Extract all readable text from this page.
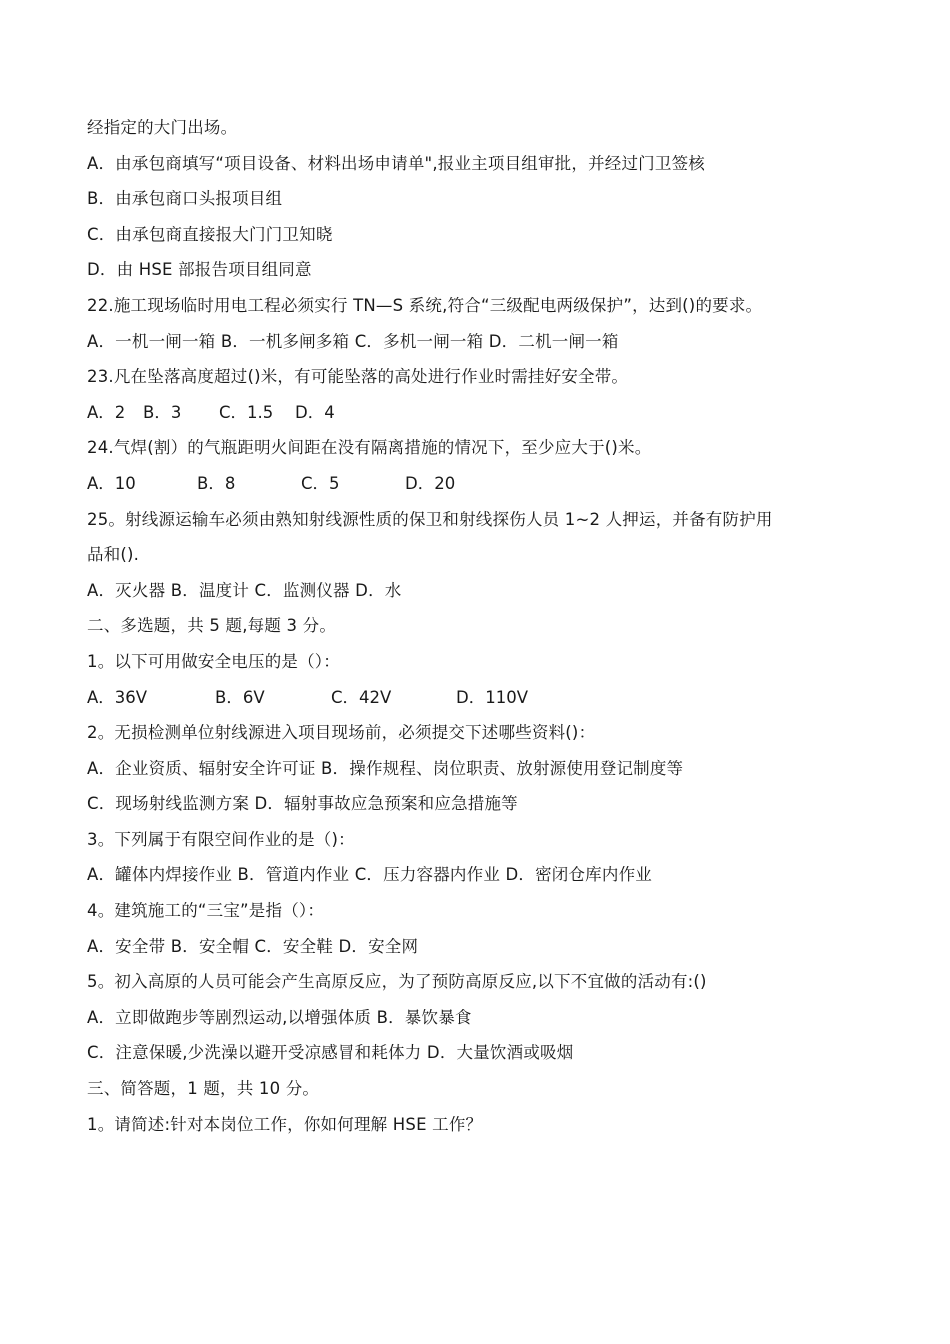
经指定的大门出场。
A．由承包商填写“项目设备、材料出场申请单",报业主项目组审批，并经过门卫签核
B．由承包商口头报项目组
C．由承包商直接报大门门卫知晓
D．由 HSE 部报告项目组同意
22.施工现场临时用电工程必须实行 TN—S 系统,符合“三级配电两级保护”，达到()的要求。
A．一机一闸一箱 B．一机多闸多箱 C．多机一闸一箱 D．二机一闸一箱
23.凡在坠落高度超过()米，有可能坠落的高处进行作业时需挂好安全带。
A．2	B．3	C．1.5	D．4
24.气焊(割）的气瓶距明火间距在没有隔离措施的情况下，至少应大于()米。
A．10	B．8	C．5	D．20
25。射线源运输车必须由熟知射线源性质的保卫和射线探伤人员 1~2 人押运，并备有防护用
品和().
A．灭火器 B．温度计 C．监测仪器 D．水
二、多选题，共 5 题,每题 3 分。
1。以下可用做安全电压的是（）：
A．36V	B．6V	C．42V	D．110V
2。无损检测单位射线源进入项目现场前，必须提交下述哪些资料()：
A．企业资质、辐射安全许可证 B．操作规程、岗位职责、放射源使用登记制度等
C．现场射线监测方案 D．辐射事故应急预案和应急措施等
3。下列属于有限空间作业的是（)：
A．罐体内焊接作业 B．管道内作业 C．压力容器内作业 D．密闭仓库内作业
4。建筑施工的“三宝”是指（）：
A．安全带 B．安全帽 C．安全鞋 D．安全网
5。初入高原的人员可能会产生高原反应，为了预防高原反应,以下不宜做的活动有:()
A．立即做跑步等剧烈运动,以增强体质 B．暴饮暴食
C．注意保暖,少洗澡以避开受凉感冒和耗体力 D．大量饮酒或吸烟
三、简答题，1 题，共 10 分。
1。请简述:针对本岗位工作，你如何理解 HSE 工作？
